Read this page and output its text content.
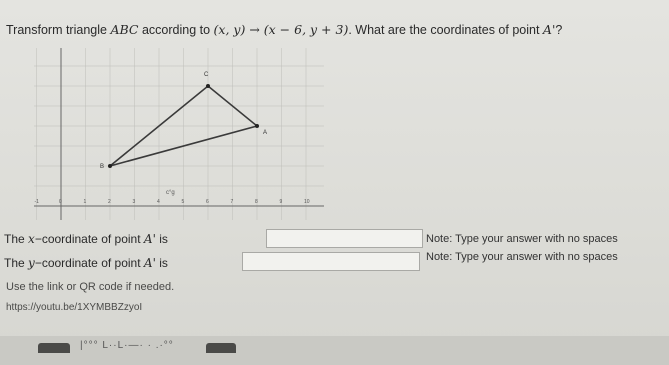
Transform triangle ABC according to (x, y) → (x − 6, y + 3). What are the coordinates of point A'?
-1	0	1	2	3	4	5	6	7	8	9	10
A
B
C
c°g
The x−coordinate of point A' is	Note: Type your answer with no spaces
The y−coordinate of point A' is	Note: Type your answer with no spaces
Use the link or QR code if needed.
https://youtu.be/1XYMBBZzyoI
|°°° L··L·—· · .·°°
